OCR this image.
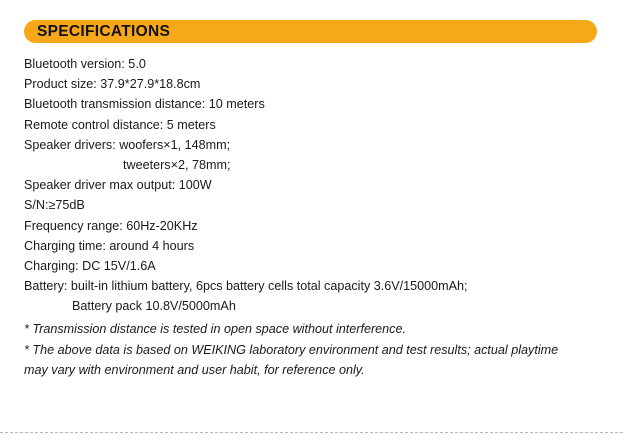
SPECIFICATIONS
Bluetooth version: 5.0
Product size: 37.9*27.9*18.8cm
Bluetooth transmission distance: 10 meters
Remote control distance: 5 meters
Speaker drivers: woofers×1, 148mm;
tweeters×2, 78mm;
Speaker driver max output: 100W
S/N:≥75dB
Frequency range: 60Hz-20KHz
Charging time: around 4 hours
Charging: DC 15V/1.6A
Battery: built-in lithium battery, 6pcs battery cells total capacity 3.6V/15000mAh;
Battery pack 10.8V/5000mAh
* Transmission distance is tested in open space without interference.
* The above data is based on WEIKING laboratory environment and test results; actual playtime
may vary with environment and user habit, for reference only.
